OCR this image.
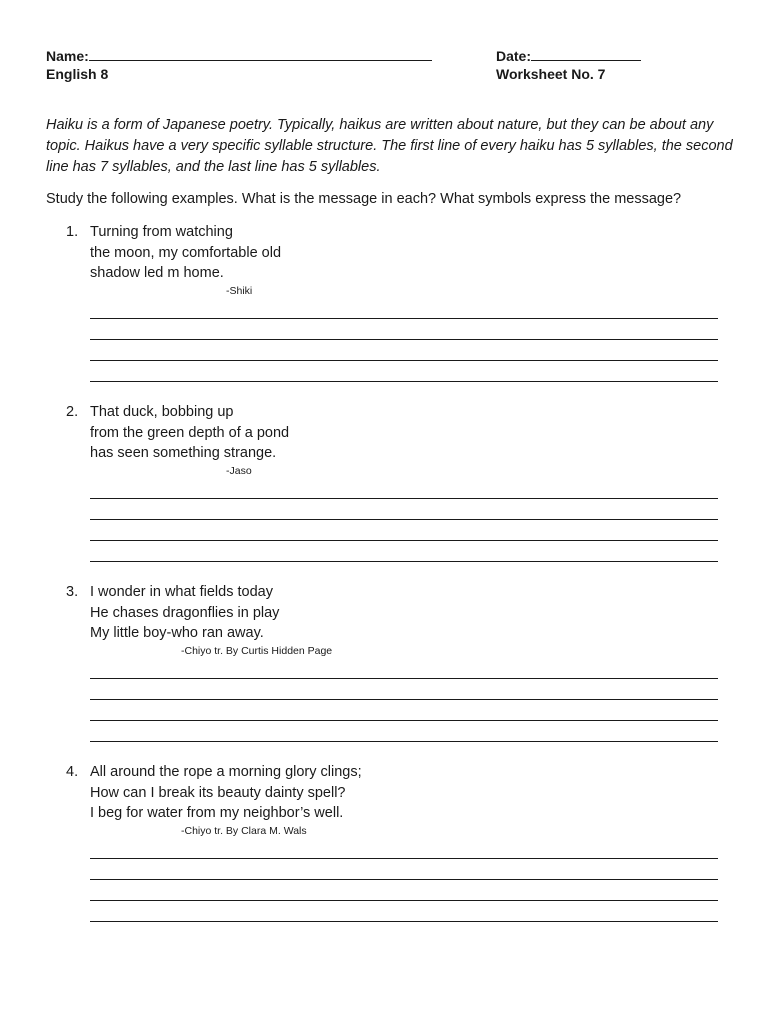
Name:
English 8
Date:
Worksheet No. 7
Haiku is a form of Japanese poetry. Typically, haikus are written about nature, but they can be about any topic. Haikus have a very specific syllable structure. The first line of every haiku has 5 syllables, the second line has 7 syllables, and the last line has 5 syllables.
Study the following examples. What is the message in each? What symbols express the message?
1. Turning from watching
the moon, my comfortable old
shadow led m home.
-Shiki
2. That duck, bobbing up
from the green depth of a pond
has seen something strange.
-Jaso
3. I wonder in what fields today
He chases dragonflies in play
My little boy-who ran away.
-Chiyo tr. By Curtis Hidden Page
4. All around the rope a morning glory clings;
How can I break its beauty dainty spell?
I beg for water from my neighbor’s well.
-Chiyo tr. By Clara M. Wals
